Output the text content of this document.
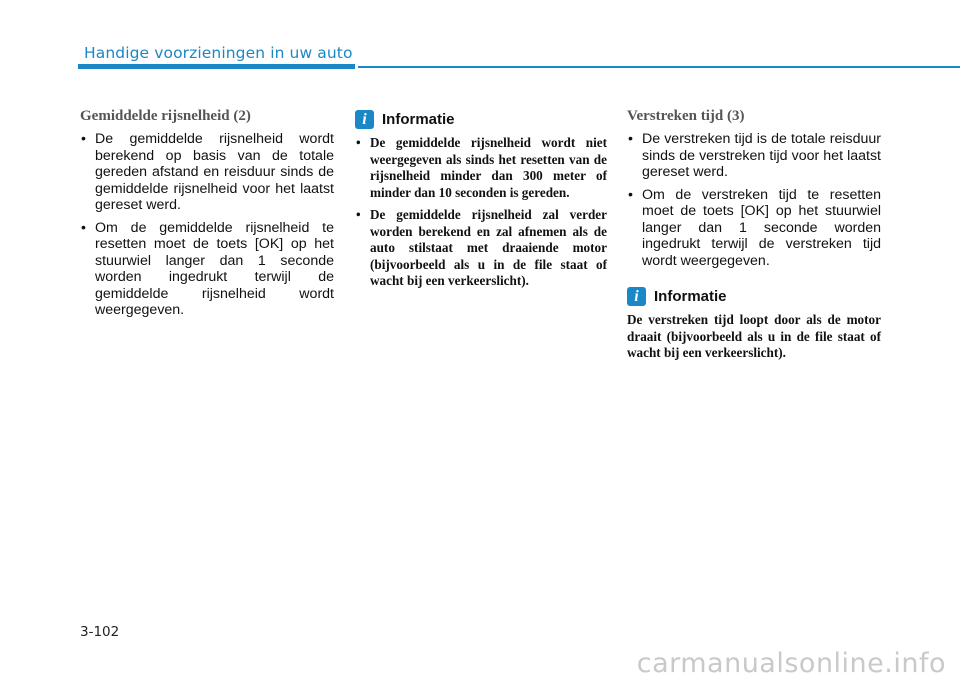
Handige voorzieningen in uw auto
Gemiddelde rijsnelheid (2)
• De gemiddelde rijsnelheid wordt berekend op basis van de totale gereden afstand en reisduur sinds de gemiddelde rijsnelheid voor het laatst gereset werd.
• Om de gemiddelde rijsnelheid te resetten moet de toets [OK] op het stuurwiel langer dan 1 seconde worden ingedrukt terwijl de gemiddelde rijsnelheid wordt weergegeven.
i	Informatie
• De gemiddelde rijsnelheid wordt niet weergegeven als sinds het resetten van de rijsnelheid minder dan 300 meter of minder dan 10 seconden is gereden.
• De gemiddelde rijsnelheid zal verder worden berekend en zal afnemen als de auto stilstaat met draaiende motor (bijvoorbeeld als u in de file staat of wacht bij een verkeerslicht).
Verstreken tijd (3)
• De verstreken tijd is de totale reisduur sinds de verstreken tijd voor het laatst gereset werd.
• Om de verstreken tijd te resetten moet de toets [OK] op het stuurwiel langer dan 1 seconde worden ingedrukt terwijl de verstreken tijd wordt weergegeven.
i	Informatie

De verstreken tijd loopt door als de motor draait (bijvoorbeeld als u in de file staat of wacht bij een verkeerslicht).

3-102
carmanualsonline.info
